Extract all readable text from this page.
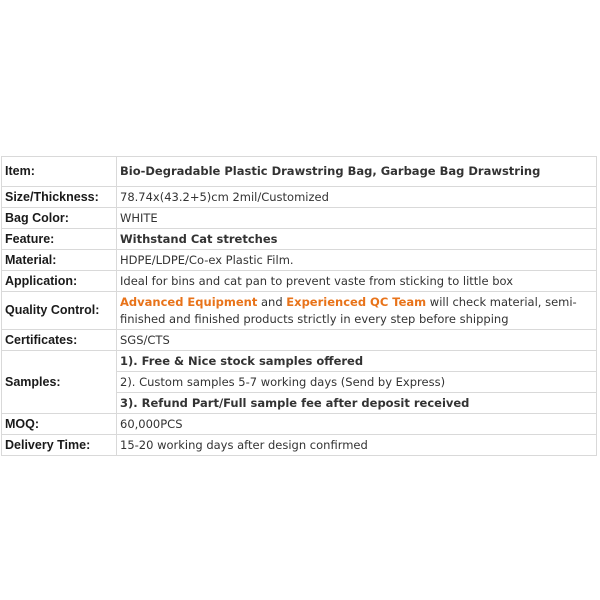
Item:	Bio-Degradable Plastic Drawstring Bag, Garbage Bag Drawstring
Size/Thickness:	78.74x(43.2+5)cm 2mil/Customized
Bag Color:	WHITE
Feature:	Withstand Cat stretches
Material:	HDPE/LDPE/Co-ex Plastic Film.
Application:	Ideal for bins and cat pan to prevent vaste from sticking to little box
Quality Control:	Advanced Equipment and Experienced QC Team will check material, semi-
finished and finished products strictly in every step before shipping

Certificates:	SGS/CTS
Samples:	1). Free & Nice stock samples offered
	2). Custom samples 5-7 working days (Send by Express)
	3). Refund Part/Full sample fee after deposit received
MOQ:	60,000PCS
Delivery Time:	15-20 working days after design confirmed
